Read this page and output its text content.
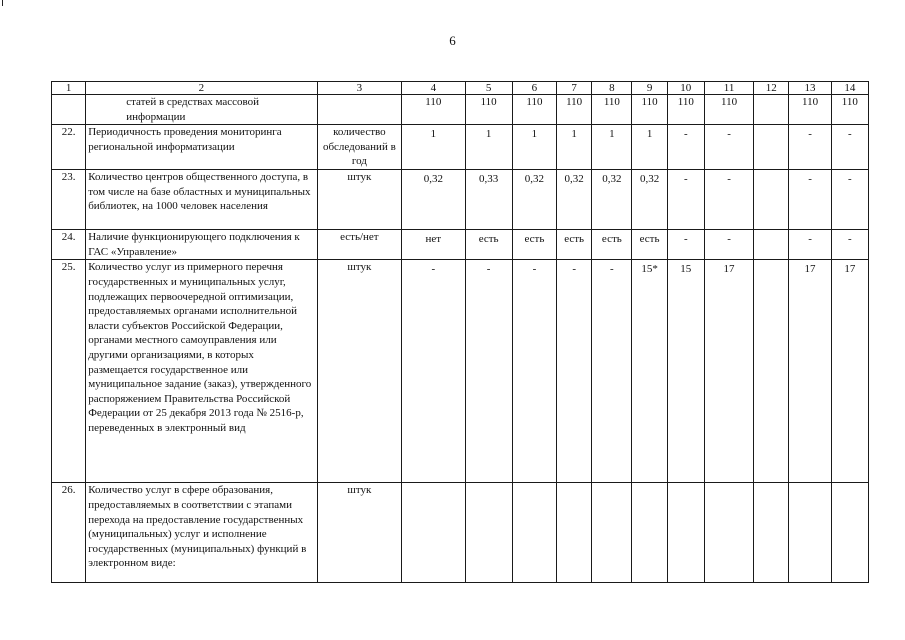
6
1	2	3	4	5	6	7	8	9	10	11	12	13	14
	статей в средствах массовой информации		110	110	110	110	110	110	110	110		110	110
22.	Периодичность проведения мониторинга региональной информатизации	количество обследований в год	1	1	1	1	1	1	-	-		-	-
23.	Количество центров общественного доступа, в том числе на базе областных и муниципальных библиотек, на 1000 человек населения	штук	0,32	0,33	0,32	0,32	0,32	0,32	-	-		-	-
24.	Наличие функционирующего подключения к ГАС «Управление»	есть/нет	нет	есть	есть	есть	есть	есть	-	-		-	-
25.	Количество услуг из примерного перечня государственных и муниципальных услуг, подлежащих первоочередной оптимизации, предоставляемых органами исполнительной власти субъектов Российской Федерации, органами местного самоуправления или другими организациями, в которых размещается государственное или муниципальное задание (заказ), утвержденного распоряжением Правительства Российской Федерации от 25 декабря 2013 года № 2516-р, переведенных в электронный вид	штук	-	-	-	-	-	15*	15	17		17	17
26.	Количество услуг в сфере образования, предоставляемых в соответствии с этапами перехода на предоставление государственных (муниципальных) услуг и исполнение государственных (муниципальных) функций в электронном виде:	штук											
